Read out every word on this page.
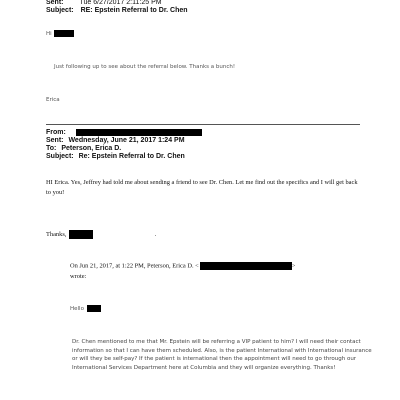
Sent: Tue 6/27/2017 2:11:25 PM
Subject: RE: Epstein Referral to Dr. Chen
Hi
Just following up to see about the referral below. Thanks a bunch!
Erica
From:
Sent: Wednesday, June 21, 2017 1:24 PM
To: Peterson, Erica D.
Subject: Re: Epstein Referral to Dr. Chen
HI Erica. Yes, Jeffrey had told me about sending a friend to see Dr. Chen. Let me find out the specifics and I will get back to you!
Thanks,	.
On Jun 21, 2017, at 1:22 PM, Peterson, Erica D. <	>
wrote:
Hello
Dr. Chen mentioned to me that Mr. Epstein will be referring a VIP patient to him? I will need their contact information so that I can have them scheduled. Also, is the patient International with International insurance or will they be self-pay? If the patient is international then the appointment will need to go through our International Services Department here at Columbia and they will organize everything. Thanks!
